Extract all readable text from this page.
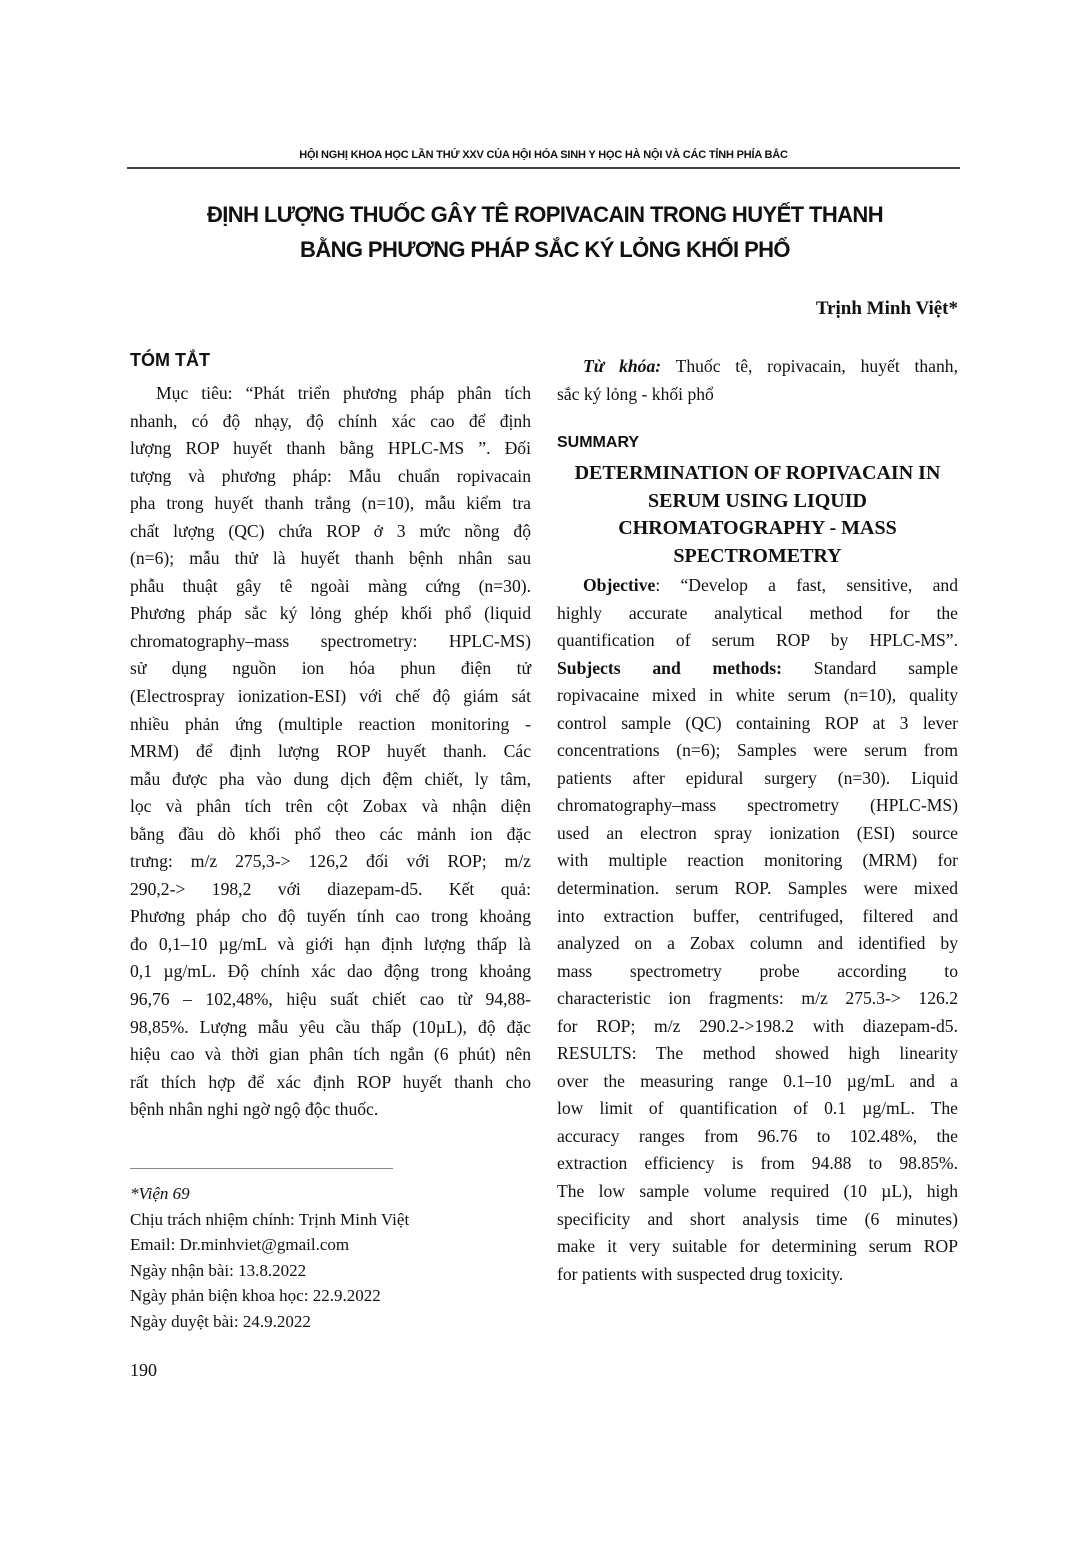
HỘI NGHỊ KHOA HỌC LẦN THỨ XXV CỦA HỘI HÓA SINH Y HỌC HÀ NỘI VÀ CÁC TỈNH PHÍA BẮC
ĐỊNH LƯỢNG THUỐC GÂY TÊ ROPIVACAIN TRONG HUYẾT THANH
BẰNG PHƯƠNG PHÁP SẮC KÝ LỎNG KHỐI PHỔ
Trịnh Minh Việt*
TÓM TẮT
Mục tiêu: “Phát triển phương pháp phân tích
nhanh, có độ nhạy, độ chính xác cao để định
lượng ROP huyết thanh bằng HPLC-MS ”. Đối
tượng và phương pháp: Mẫu chuẩn ropivacain
pha trong huyết thanh trắng (n=10), mẫu kiểm tra
chất lượng (QC) chứa ROP ở 3 mức nồng độ
(n=6); mẫu thử là huyết thanh bệnh nhân sau
phẫu thuật gây tê ngoài màng cứng (n=30).
Phương pháp sắc ký lỏng ghép khối phổ (liquid
chromatography–mass spectrometry: HPLC-MS)
sử dụng nguồn ion hóa phun điện tử
(Electrospray ionization-ESI) với chế độ giám sát
nhiều phản ứng (multiple reaction monitoring -
MRM) để định lượng ROP huyết thanh. Các
mẫu được pha vào dung dịch đệm chiết, ly tâm,
lọc và phân tích trên cột Zobax và nhận diện
bằng đầu dò khối phổ theo các mảnh ion đặc
trưng: m/z 275,3-> 126,2 đối với ROP; m/z
290,2-> 198,2 với diazepam-d5. Kết quả:
Phương pháp cho độ tuyến tính cao trong khoảng
đo 0,1–10 µg/mL và giới hạn định lượng thấp là
0,1 µg/mL. Độ chính xác dao động trong khoảng
96,76 – 102,48%, hiệu suất chiết cao từ 94,88-
98,85%. Lượng mẫu yêu cầu thấp (10µL), độ đặc
hiệu cao và thời gian phân tích ngắn (6 phút) nên
rất thích hợp để xác định ROP huyết thanh cho
bệnh nhân nghi ngờ ngộ độc thuốc.
Từ khóa: Thuốc tê, ropivacain, huyết thanh,
sắc ký lỏng - khối phổ
SUMMARY
DETERMINATION OF ROPIVACAIN IN SERUM USING LIQUID CHROMATOGRAPHY - MASS SPECTROMETRY
Objective: “Develop a fast, sensitive, and
highly accurate analytical method for the
quantification of serum ROP by HPLC-MS”.
Subjects and methods: Standard sample
ropivacaine mixed in white serum (n=10), quality
control sample (QC) containing ROP at 3 lever
concentrations (n=6); Samples were serum from
patients after epidural surgery (n=30). Liquid
chromatography–mass spectrometry (HPLC-MS)
used an electron spray ionization (ESI) source
with multiple reaction monitoring (MRM) for
determination. serum ROP. Samples were mixed
into extraction buffer, centrifuged, filtered and
analyzed on a Zobax column and identified by
mass spectrometry probe according to
characteristic ion fragments: m/z 275.3-> 126.2
for ROP; m/z 290.2->198.2 with diazepam-d5.
RESULTS: The method showed high linearity
over the measuring range 0.1–10 µg/mL and a
low limit of quantification of 0.1 µg/mL. The
accuracy ranges from 96.76 to 102.48%, the
extraction efficiency is from 94.88 to 98.85%.
The low sample volume required (10 µL), high
specificity and short analysis time (6 minutes)
make it very suitable for determining serum ROP
for patients with suspected drug toxicity.
*Viện 69
Chịu trách nhiệm chính: Trịnh Minh Việt
Email: Dr.minhviet@gmail.com
Ngày nhận bài: 13.8.2022
Ngày phản biện khoa học: 22.9.2022
Ngày duyệt bài: 24.9.2022
190
